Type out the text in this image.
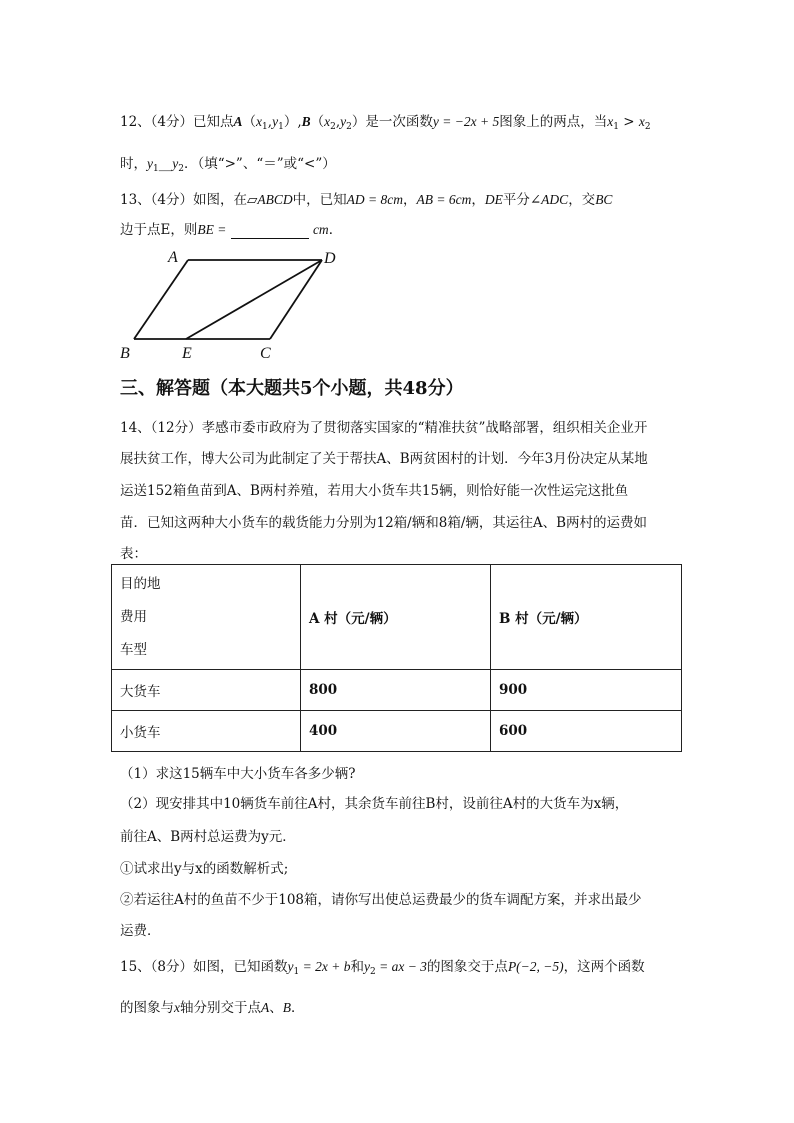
12、（4分）已知点$A(x_1,y_1),B(x_2,y_2)$是一次函数y = −2x + 5图象上的两点，当$x_1 > x_2$
时，$y_1\_\_y_2$．（填“>”、“＝”或“<”）
13、（4分）如图，在▱ABCD中，已知AD = 8cm，AB = 6cm，DE平分∠ADC，交BC
边于点E，则BE =	cm．
A	D
B	E	C
三、解答题（本大题共5个小题，共48分）
14、（12分）孝感市委市政府为了贯彻落实国家的“精准扶贫”战略部署，组织相关企业开
展扶贫工作，博大公司为此制定了关于帮扶A、B两贫困村的计划．今年3月份决定从某地
运送152箱鱼苗到A、B两村养殖，若用大小货车共15辆，则恰好能一次性运完这批鱼
苗．已知这两种大小货车的载货能力分别为12箱/辆和8箱/辆，其运往A、B两村的运费如
表：
目的地
费用
车型	A 村（元/辆）	B 村（元/辆）
大货车	800	900
小货车	400	600
（1）求这15辆车中大小货车各多少辆?
（2）现安排其中10辆货车前往A村，其余货车前往B村，设前往A村的大货车为x辆，
前往A、B两村总运费为y元．
①试求出y与x的函数解析式;
②若运往A村的鱼苗不少于108箱，请你写出使总运费最少的货车调配方案，并求出最少
运费．
15、（8分）如图，已知函数$y_1 = 2x + b$和$y_2$ = ax − 3的图象交于点P(−2, −5)，这两个函数
的图象与x轴分别交于点A、B．
